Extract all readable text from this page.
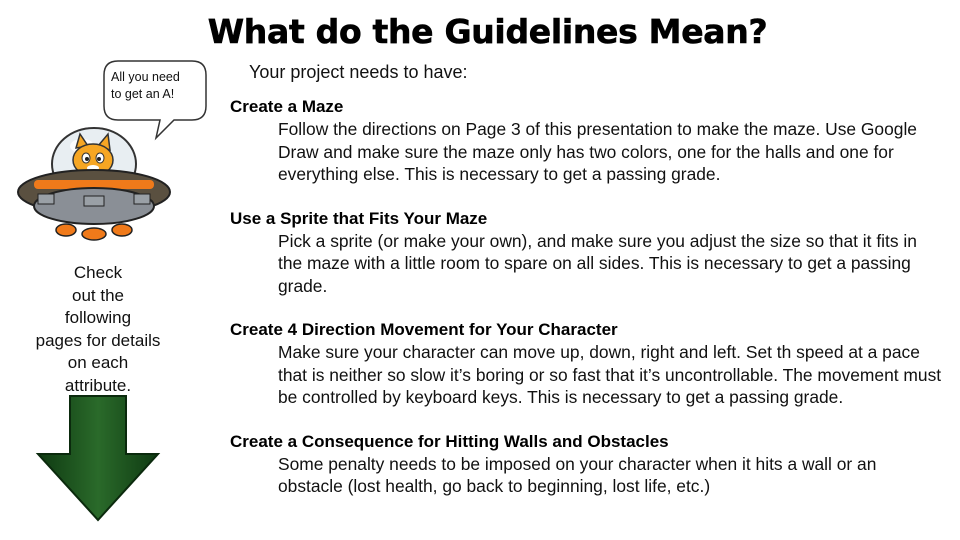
What do the Guidelines Mean?
Your project needs to have:
Create a Maze
Follow the directions on Page 3 of this presentation to make the maze. Use Google Draw and make sure the maze only has two colors, one for the halls and one for everything else. This is necessary to get a passing grade.
Use a Sprite that Fits Your Maze
Pick a sprite (or make your own), and make sure you adjust the size so that it fits in the maze with a little room to spare on all sides. This is necessary to get a passing grade.
Create 4 Direction Movement for Your Character
Make sure your character can move up, down, right and left. Set th speed at a pace that is neither so slow it’s boring or so fast that it’s uncontrollable. The movement must be controlled by keyboard keys. This is necessary to get a passing grade.
Create a Consequence for Hitting Walls and Obstacles
Some penalty needs to be imposed on your character when it hits a wall or an obstacle (lost health, go back to beginning, lost life, etc.)
All you need
to get an A!
Check
out the
following
pages for details
on each
attribute.
